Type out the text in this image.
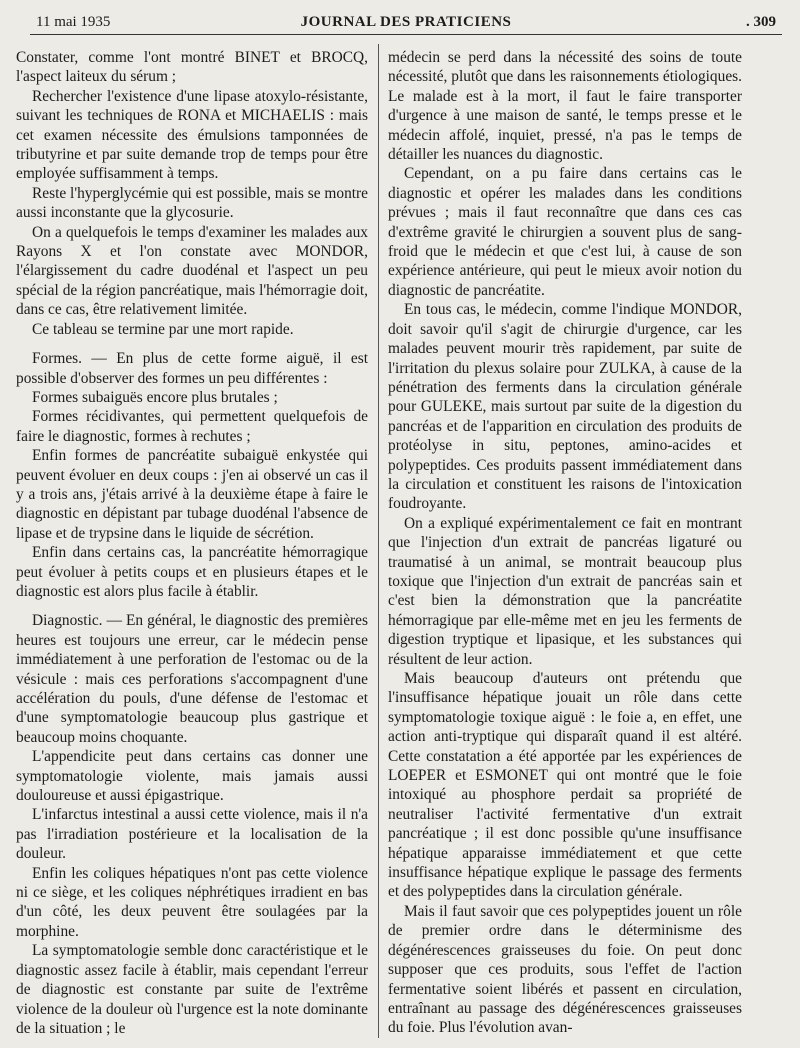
11 mai 1935	JOURNAL DES PRATICIENS	. 309

Constater, comme l'ont montré BINET et BROCQ, l'aspect laiteux du sérum ;

Rechercher l'existence d'une lipase atoxylo-résistante, suivant les techniques de RONA et MICHAELIS : mais cet examen nécessite des émulsions tamponnées de tributyrine et par suite demande trop de temps pour être employée suffisamment à temps.

Reste l'hyperglycémie qui est possible, mais se montre aussi inconstante que la glycosurie.

On a quelquefois le temps d'examiner les malades aux Rayons X et l'on constate avec MONDOR, l'élargissement du cadre duodénal et l'aspect un peu spécial de la région pancréatique, mais l'hémorragie doit, dans ce cas, être relativement limitée.

Ce tableau se termine par une mort rapide.

Formes. — En plus de cette forme aiguë, il est possible d'observer des formes un peu différentes :

Formes subaiguës encore plus brutales ;

Formes récidivantes, qui permettent quelquefois de faire le diagnostic, formes à rechutes ;

Enfin formes de pancréatite subaiguë enkystée qui peuvent évoluer en deux coups : j'en ai observé un cas il y a trois ans, j'étais arrivé à la deuxième étape à faire le diagnostic en dépistant par tubage duodénal l'absence de lipase et de trypsine dans le liquide de sécrétion.

Enfin dans certains cas, la pancréatite hémorragique peut évoluer à petits coups et en plusieurs étapes et le diagnostic est alors plus facile à établir.

Diagnostic. — En général, le diagnostic des premières heures est toujours une erreur, car le médecin pense immédiatement à une perforation de l'estomac ou de la vésicule : mais ces perforations s'accompagnent d'une accélération du pouls, d'une défense de l'estomac et d'une symptomatologie beaucoup plus gastrique et beaucoup moins choquante.

L'appendicite peut dans certains cas donner une symptomatologie violente, mais jamais aussi douloureuse et aussi épigastrique.

L'infarctus intestinal a aussi cette violence, mais il n'a pas l'irradiation postérieure et la localisation de la douleur.

Enfin les coliques hépatiques n'ont pas cette violence ni ce siège, et les coliques néphrétiques irradient en bas d'un côté, les deux peuvent être soulagées par la morphine.

La symptomatologie semble donc caractéristique et le diagnostic assez facile à établir, mais cependant l'erreur de diagnostic est constante par suite de l'extrême violence de la douleur où l'urgence est la note dominante de la situation ; le

médecin se perd dans la nécessité des soins de toute nécessité, plutôt que dans les raisonnements étiologiques. Le malade est à la mort, il faut le faire transporter d'urgence à une maison de santé, le temps presse et le médecin affolé, inquiet, pressé, n'a pas le temps de détailler les nuances du diagnostic.

Cependant, on a pu faire dans certains cas le diagnostic et opérer les malades dans les conditions prévues ; mais il faut reconnaître que dans ces cas d'extrême gravité le chirurgien a souvent plus de sang-froid que le médecin et que c'est lui, à cause de son expérience antérieure, qui peut le mieux avoir notion du diagnostic de pancréatite.

En tous cas, le médecin, comme l'indique MONDOR, doit savoir qu'il s'agit de chirurgie d'urgence, car les malades peuvent mourir très rapidement, par suite de l'irritation du plexus solaire pour ZULKA, à cause de la pénétration des ferments dans la circulation générale pour GULEKE, mais surtout par suite de la digestion du pancréas et de l'apparition en circulation des produits de protéolyse in situ, peptones, amino-acides et polypeptides. Ces produits passent immédiatement dans la circulation et constituent les raisons de l'intoxication foudroyante.

On a expliqué expérimentalement ce fait en montrant que l'injection d'un extrait de pancréas ligaturé ou traumatisé à un animal, se montrait beaucoup plus toxique que l'injection d'un extrait de pancréas sain et c'est bien la démonstration que la pancréatite hémorragique par elle-même met en jeu les ferments de digestion tryptique et lipasique, et les substances qui résultent de leur action.

Mais beaucoup d'auteurs ont prétendu que l'insuffisance hépatique jouait un rôle dans cette symptomatologie toxique aiguë : le foie a, en effet, une action anti-tryptique qui disparaît quand il est altéré. Cette constatation a été apportée par les expériences de LOEPER et ESMONET qui ont montré que le foie intoxiqué au phosphore perdait sa propriété de neutraliser l'activité fermentative d'un extrait pancréatique ; il est donc possible qu'une insuffisance hépatique apparaisse immédiatement et que cette insuffisance hépatique explique le passage des ferments et des polypeptides dans la circulation générale.

Mais il faut savoir que ces polypeptides jouent un rôle de premier ordre dans le déterminisme des dégénérescences graisseuses du foie. On peut donc supposer que ces produits, sous l'effet de l'action fermentative soient libérés et passent en circulation, entraînant au passage des dégénérescences graisseuses du foie. Plus l'évolution avan-
